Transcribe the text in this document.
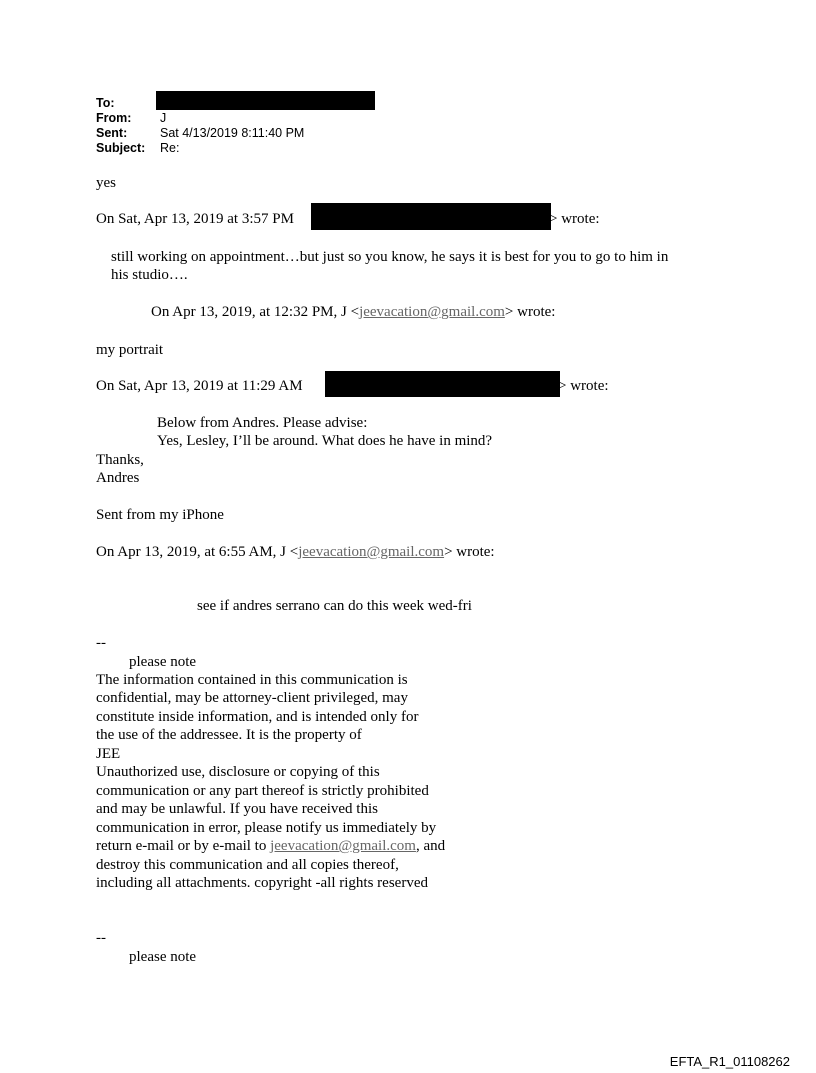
To:
From: J
Sent:	Sat 4/13/2019 8:11:40 PM
Subject: Re:
yes
On Sat, Apr 13, 2019 at 3:57 PM	> wrote:
still working on appointment…but just so you know, he says it is best for you to go to him in
his studio….
On Apr 13, 2019, at 12:32 PM, J <jeevacation@gmail.com> wrote:
my portrait
On Sat, Apr 13, 2019 at 11:29 AM	> wrote:
Below from Andres. Please advise:
Yes, Lesley, I’ll be around. What does he have in mind?
Thanks,
Andres
Sent from my iPhone
On Apr 13, 2019, at 6:55 AM, J <jeevacation@gmail.com> wrote:
see if andres serrano can do this week wed-fri
--
please note
The information contained in this communication is
confidential, may be attorney-client privileged, may
constitute inside information, and is intended only for
the use of the addressee. It is the property of
JEE
Unauthorized use, disclosure or copying of this
communication or any part thereof is strictly prohibited
and may be unlawful. If you have received this
communication in error, please notify us immediately by
return e-mail or by e-mail to jeevacation@gmail.com, and
destroy this communication and all copies thereof,
including all attachments. copyright -all rights reserved
--
please note
EFTA_R1_01108262
